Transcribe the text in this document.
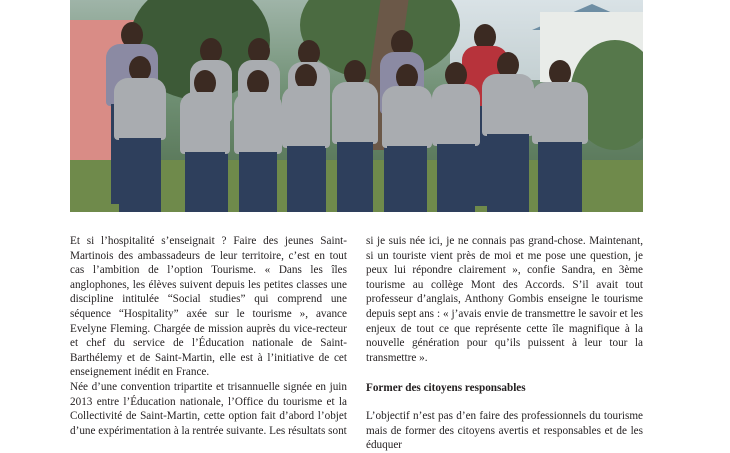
Et si l’hospitalité s’enseignait ? Faire des jeunes Saint-Martinois des ambassadeurs de leur territoire, c’est en tout cas l’ambition de l’option Tourisme. « Dans les îles anglophones, les élèves suivent depuis les petites classes une discipline intitulée “Social studies” qui comprend une séquence “Hospitality” axée sur le tourisme », avance Evelyne Fleming. Chargée de mission auprès du vice-recteur et chef du service de l’Éducation nationale de Saint-Barthélemy et de Saint-Martin, elle est à l’initiative de cet enseignement inédit en France.

Née d’une convention tripartite et trisannuelle signée en juin 2013 entre l’Éducation nationale, l’Office du tourisme et la Collectivité de Saint-Martin, cette option fait d’abord l’objet d’une expérimentation à la rentrée suivante. Les résultats sont

si je suis née ici, je ne connais pas grand-chose. Maintenant, si un touriste vient près de moi et me pose une question, je peux lui répondre clairement », confie Sandra, en 3ème tourisme au collège Mont des Accords. S’il avait tout professeur d’anglais, Anthony Gombis enseigne le tourisme depuis sept ans : « j’avais envie de transmettre le savoir et les enjeux de tout ce que représente cette île magnifique à la nouvelle génération pour qu’ils puissent à leur tour la transmettre ».

Former des citoyens responsables

L’objectif n’est pas d’en faire des professionnels du tourisme mais de former des citoyens avertis et responsables et de les éduquer
